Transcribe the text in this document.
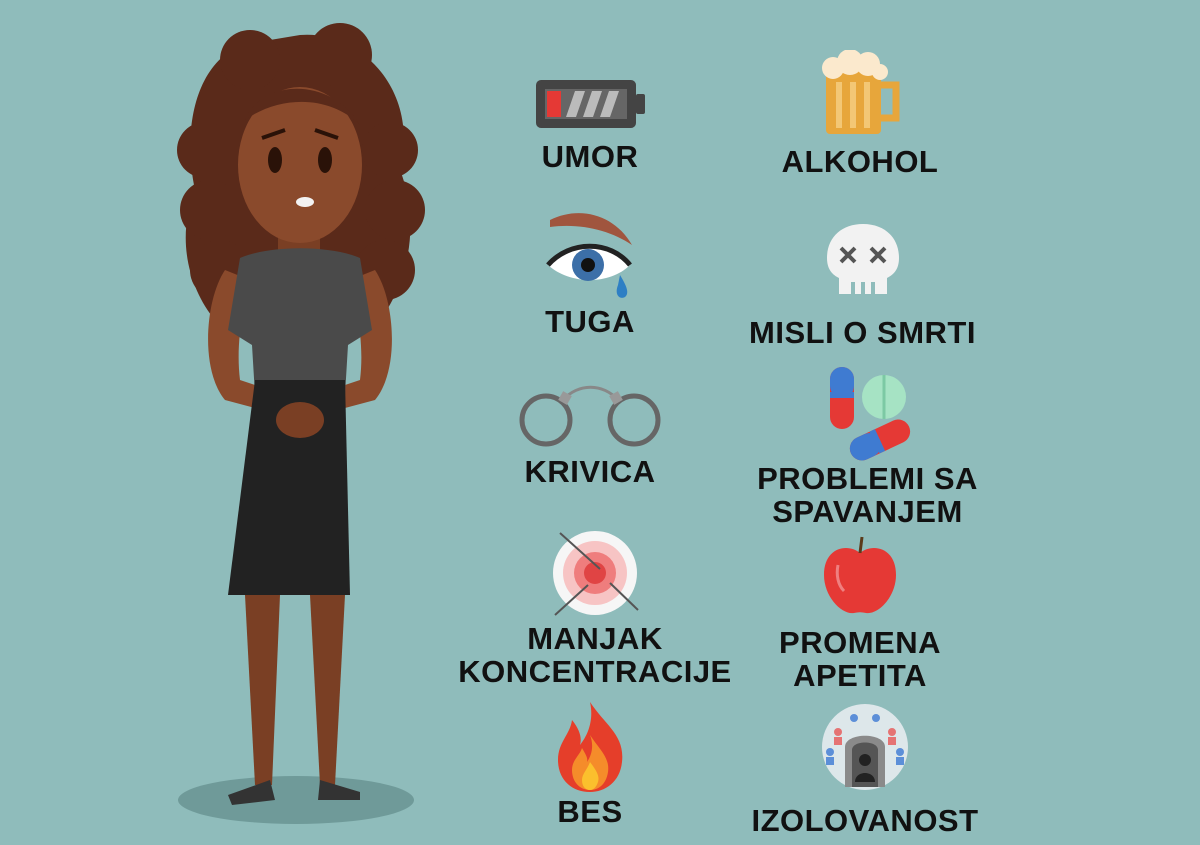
UMOR
TUGA
KRIVICA
MANJAK
KONCENTRACIJE
BES
ALKOHOL
MISLI O SMRTI
PROBLEMI SA
SPAVANJEM
PROMENA
APETITA
IZOLOVANOST
